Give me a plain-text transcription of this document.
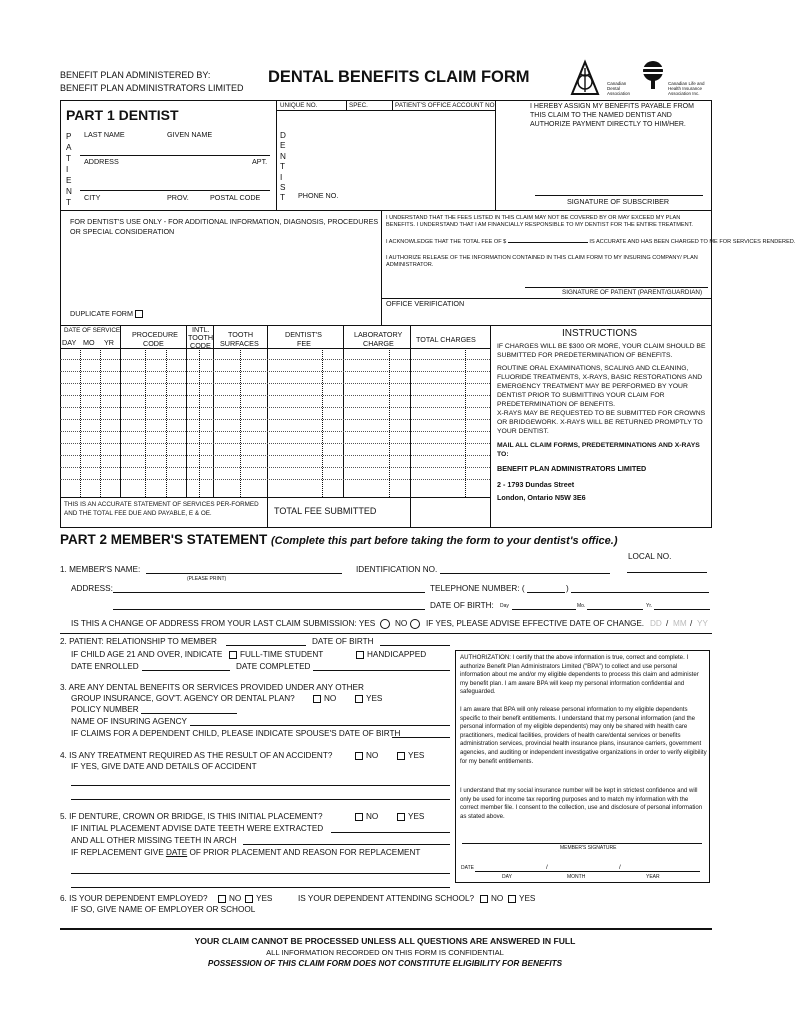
BENEFIT PLAN ADMINISTERED BY:
BENEFIT PLAN ADMINISTRATORS LIMITED
DENTAL BENEFITS CLAIM FORM	Canadian Dental Association
Canadian Life and Health Insurance Association Inc.
PART 1 DENTIST
UNIQUE NO.	SPEC.	PATIENT'S OFFICE ACCOUNT NO.
D
E
N
T
I
S
T	PHONE NO.
P
A
T
I
E
N
T
LAST NAME	GIVEN NAME
ADDRESS	APT.
CITY	PROV.	POSTAL CODE
I HEREBY ASSIGN MY BENEFITS PAYABLE FROM THIS CLAIM TO THE NAMED DENTIST AND AUTHORIZE PAYMENT DIRECTLY TO HIM/HER.
SIGNATURE OF SUBSCRIBER
FOR DENTIST'S USE ONLY - FOR ADDITIONAL INFORMATION, DIAGNOSIS, PROCEDURES OR SPECIAL CONSIDERATION
I UNDERSTAND THAT THE FEES LISTED IN THIS CLAIM MAY NOT BE COVERED BY OR MAY EXCEED MY PLAN BENEFITS. I UNDERSTAND THAT I AM FINANCIALLY RESPONSIBLE TO MY DENTIST FOR THE ENTIRE TREATMENT.
I ACKNOWLEDGE THAT THE TOTAL FEE OF $	IS ACCURATE AND HAS BEEN CHARGED TO ME FOR SERVICES RENDERED.
I AUTHORIZE RELEASE OF THE INFORMATION CONTAINED IN THIS CLAIM FORM TO MY INSURING COMPANY/ PLAN ADMINISTRATOR.
SIGNATURE OF PATIENT (PARENT/GUARDIAN)
OFFICE VERIFICATION
DUPLICATE FORM
DATE OF SERVICE
DAY MO YR
PROCEDURE
CODE
INTL.
TOOTH
CODE
TOOTH
SURFACES
DENTIST'S
FEE
LABORATORY
CHARGE	TOTAL CHARGES
THIS IS AN ACCURATE STATEMENT OF SERVICES PER-FORMED AND THE TOTAL FEE DUE AND PAYABLE, E & OE.	TOTAL FEE SUBMITTED
INSTRUCTIONS
IF CHARGES WILL BE $300 OR MORE, YOUR CLAIM SHOULD BE SUBMITTED FOR PREDETERMINATION OF BENEFITS.
ROUTINE ORAL EXAMINATIONS, SCALING AND CLEANING, FLUORIDE TREATMENTS, X-RAYS, BASIC RESTORATIONS AND EMERGENCY TREATMENT MAY BE PERFORMED BY YOUR DENTIST PRIOR TO SUBMITTING YOUR CLAIM FOR PREDETERMINATION OF BENEFITS.
X-RAYS MAY BE REQUESTED TO BE SUBMITTED FOR CROWNS OR BRIDGEWORK. X-RAYS WILL BE RETURNED PROMPTLY TO YOUR DENTIST.
MAIL ALL CLAIM FORMS, PREDETERMINATIONS AND X-RAYS TO:
BENEFIT PLAN ADMINISTRATORS LIMITED
2 - 1793 Dundas Street
London, Ontario N5W 3E6
PART 2 MEMBER'S STATEMENT (Complete this part before taking the form to your dentist's office.)
LOCAL NO.
1. MEMBER'S NAME:
(PLEASE PRINT)
IDENTIFICATION NO.
ADDRESS:	TELEPHONE NUMBER: (	)
DATE OF BIRTH: Day	Mo.	Yr.
IS THIS A CHANGE OF ADDRESS FROM YOUR LAST CLAIM SUBMISSION: YES NO IF YES, PLEASE ADVISE EFFECTIVE DATE OF CHANGE. DD / MM / YY
2. PATIENT: RELATIONSHIP TO MEMBER	DATE OF BIRTH
IF CHILD AGE 21 AND OVER, INDICATE FULL-TIME STUDENT	HANDICAPPED
DATE ENROLLED	DATE COMPLETED
3. ARE ANY DENTAL BENEFITS OR SERVICES PROVIDED UNDER ANY OTHER
GROUP INSURANCE, GOV'T. AGENCY OR DENTAL PLAN?	NO	YES
POLICY NUMBER
NAME OF INSURING AGENCY
IF CLAIMS FOR A DEPENDENT CHILD, PLEASE INDICATE SPOUSE'S DATE OF BIRTH
4. IS ANY TREATMENT REQUIRED AS THE RESULT OF AN ACCIDENT?	NO	YES
IF YES, GIVE DATE AND DETAILS OF ACCIDENT
5. IF DENTURE, CROWN OR BRIDGE, IS THIS INITIAL PLACEMENT?	NO	YES
IF INITIAL PLACEMENT ADVISE DATE TEETH WERE EXTRACTED
AND ALL OTHER MISSING TEETH IN ARCH
IF REPLACEMENT GIVE DATE OF PRIOR PLACEMENT AND REASON FOR REPLACEMENT
6. IS YOUR DEPENDENT EMPLOYED?	NO YES	IS YOUR DEPENDENT ATTENDING SCHOOL? NO YES
IF SO, GIVE NAME OF EMPLOYER OR SCHOOL
AUTHORIZATION: I certify that the above information is true, correct and complete. I authorize Benefit Plan Administrators Limited ("BPA") to collect and use personal information about me and/or my eligible dependents to process this claim and administer my benefit plan. I am aware BPA will keep my personal information confidential and safeguarded.
I am aware that BPA will only release personal information to my eligible dependents specific to their benefit entitlements. I understand that my personal information (and the personal information of my eligible dependents) may only be shared with health care practitioners, medical facilities, providers of health care/dental services or benefits administration services, provincial health insurance plans, insurance carriers, government agencies, and auditing or independent investigative organizations in order to verify eligibility for my benefit entitlements.
I understand that my social insurance number will be kept in strictest confidence and will only be used for income tax reporting purposes and to match my information with the correct member file. I consent to the collection, use and disclosure of personal information as stated above.
MEMBER'S SIGNATURE
DATE	/	/
DAY	MONTH	YEAR
YOUR CLAIM CANNOT BE PROCESSED UNLESS ALL QUESTIONS ARE ANSWERED IN FULL
ALL INFORMATION RECORDED ON THIS FORM IS CONFIDENTIAL
POSSESSION OF THIS CLAIM FORM DOES NOT CONSTITUTE ELIGIBILITY FOR BENEFITS
